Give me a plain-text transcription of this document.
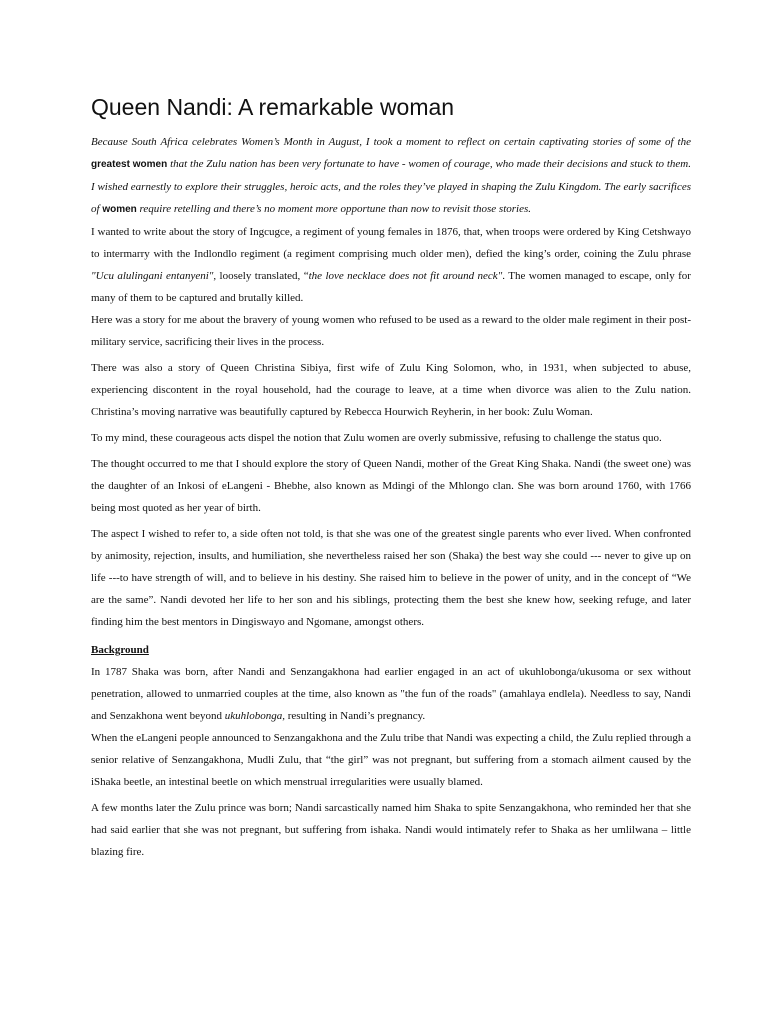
Queen Nandi: A remarkable woman

Because South Africa celebrates Women’s Month in August, I took a moment to reflect on certain captivating stories of some of the greatest women that the Zulu nation has been very fortunate to have - women of courage, who made their decisions and stuck to them. I wished earnestly to explore their struggles, heroic acts, and the roles they’ve played in shaping the Zulu Kingdom. The early sacrifices of women require retelling and there’s no moment more opportune than now to revisit those stories.

I wanted to write about the story of Ingcugce, a regiment of young females in 1876, that, when troops were ordered by King Cetshwayo to intermarry with the Indlondlo regiment (a regiment comprising much older men), defied the king’s order, coining the Zulu phrase "Ucu alulingani entanyeni", loosely translated, “the love necklace does not fit around neck". The women managed to escape, only for many of them to be captured and brutally killed.

Here was a story for me about the bravery of young women who refused to be used as a reward to the older male regiment in their post-military service, sacrificing their lives in the process.

There was also a story of Queen Christina Sibiya, first wife of Zulu King Solomon, who, in 1931, when subjected to abuse, experiencing discontent in the royal household, had the courage to leave, at a time when divorce was alien to the Zulu nation. Christina’s moving narrative was beautifully captured by Rebecca Hourwich Reyherin, in her book: Zulu Woman.

To my mind, these courageous acts dispel the notion that Zulu women are overly submissive, refusing to challenge the status quo.

The thought occurred to me that I should explore the story of Queen Nandi, mother of the Great King Shaka. Nandi (the sweet one) was the daughter of an Inkosi of eLangeni - Bhebhe, also known as Mdingi of the Mhlongo clan. She was born around 1760, with 1766 being most quoted as her year of birth.

The aspect I wished to refer to, a side often not told, is that she was one of the greatest single parents who ever lived. When confronted by animosity, rejection, insults, and humiliation, she nevertheless raised her son (Shaka) the best way she could --- never to give up on life ---to have strength of will, and to believe in his destiny. She raised him to believe in the power of unity, and in the concept of “We are the same”. Nandi devoted her life to her son and his siblings, protecting them the best she knew how, seeking refuge, and later finding him the best mentors in Dingiswayo and Ngomane, amongst others.

Background

In 1787 Shaka was born, after Nandi and Senzangakhona had earlier engaged in an act of ukuhlobonga/ukusoma or sex without penetration, allowed to unmarried couples at the time, also known as "the fun of the roads" (amahlaya endlela). Needless to say, Nandi and Senzakhona went beyond ukuhlobonga, resulting in Nandi’s pregnancy.

When the eLangeni people announced to Senzangakhona and the Zulu tribe that Nandi was expecting a child, the Zulu replied through a senior relative of Senzangakhona, Mudli Zulu, that “the girl” was not pregnant, but suffering from a stomach ailment caused by the iShaka beetle, an intestinal beetle on which menstrual irregularities were usually blamed.

A few months later the Zulu prince was born; Nandi sarcastically named him Shaka to spite Senzangakhona, who reminded her that she had said earlier that she was not pregnant, but suffering from ishaka. Nandi would intimately refer to Shaka as her umlilwana – little blazing fire.
